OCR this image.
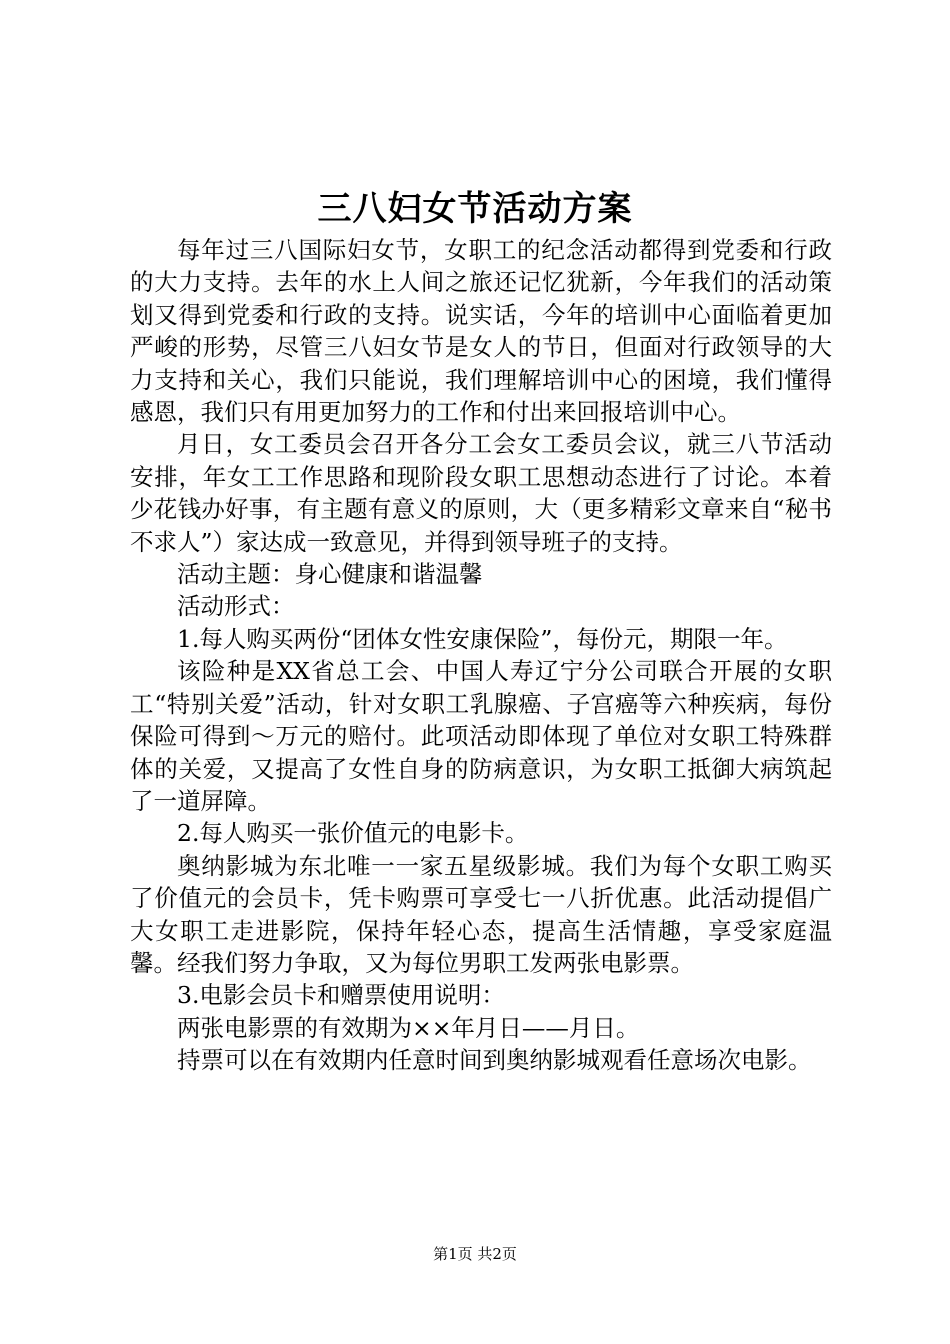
三八妇女节活动方案

每年过三八国际妇女节，女职工的纪念活动都得到党委和行政的大力支持。去年的水上人间之旅还记忆犹新，今年我们的活动策划又得到党委和行政的支持。说实话，今年的培训中心面临着更加严峻的形势，尽管三八妇女节是女人的节日，但面对行政领导的大力支持和关心，我们只能说，我们理解培训中心的困境，我们懂得感恩，我们只有用更加努力的工作和付出来回报培训中心。

月日，女工委员会召开各分工会女工委员会议，就三八节活动安排，年女工工作思路和现阶段女职工思想动态进行了讨论。本着少花钱办好事，有主题有意义的原则，大（更多精彩文章来自“秘书不求人”）家达成一致意见，并得到领导班子的支持。

活动主题：身心健康和谐温馨

活动形式：

1.每人购买两份“团体女性安康保险”，每份元，期限一年。

该险种是XX省总工会、中国人寿辽宁分公司联合开展的女职工“特别关爱”活动，针对女职工乳腺癌、子宫癌等六种疾病，每份保险可得到～万元的赔付。此项活动即体现了单位对女职工特殊群体的关爱，又提高了女性自身的防病意识，为女职工抵御大病筑起了一道屏障。

2.每人购买一张价值元的电影卡。

奥纳影城为东北唯一一家五星级影城。我们为每个女职工购买了价值元的会员卡，凭卡购票可享受七一八折优惠。此活动提倡广大女职工走进影院，保持年轻心态，提高生活情趣，享受家庭温馨。经我们努力争取，又为每位男职工发两张电影票。

3.电影会员卡和赠票使用说明：

两张电影票的有效期为××年月日——月日。

持票可以在有效期内任意时间到奥纳影城观看任意场次电影。

第1页 共2页
